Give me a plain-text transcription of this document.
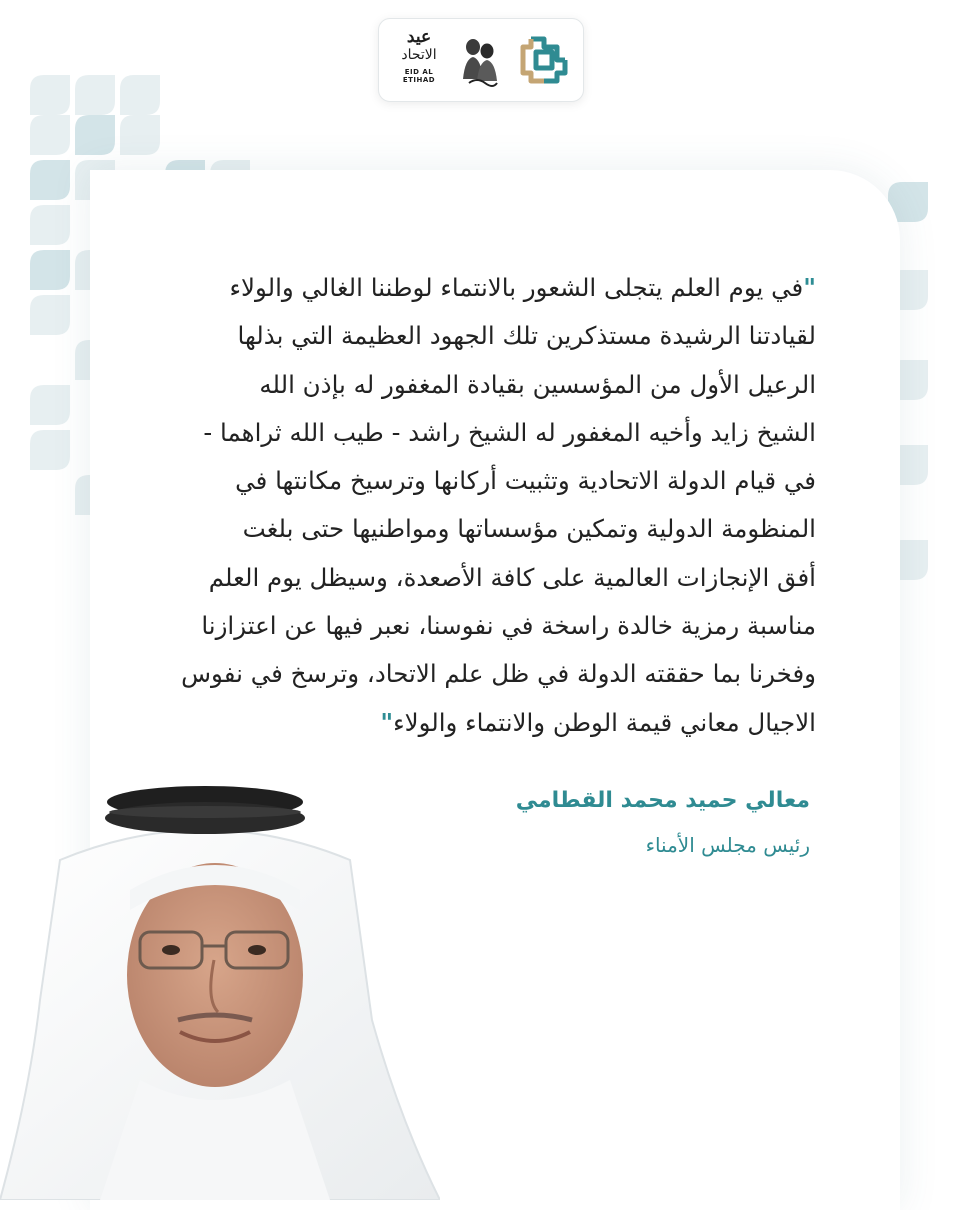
عيد
الاتحاد
EID AL ETIHAD
"في يوم العلم يتجلى الشعور بالانتماء لوطننا الغالي والولاء
لقيادتنا الرشيدة مستذكرين تلك الجهود العظيمة التي بذلها
الرعيل الأول من المؤسسين بقيادة المغفور له بإذن الله
الشيخ زايد وأخيه المغفور له الشيخ راشد - طيب الله ثراهما -
في قيام الدولة الاتحادية وتثبيت أركانها وترسيخ مكانتها في
المنظومة الدولية وتمكين مؤسساتها ومواطنيها حتى بلغت
أفق الإنجازات العالمية على كافة الأصعدة، وسيظل يوم العلم
مناسبة رمزية خالدة راسخة في نفوسنا، نعبر فيها عن اعتزازنا
وفخرنا بما حققته الدولة في ظل علم الاتحاد، وترسخ في نفوس
الاجيال معاني قيمة الوطن والانتماء والولاء"
معالي حميد محمد القطامي
رئيس مجلس الأمناء
